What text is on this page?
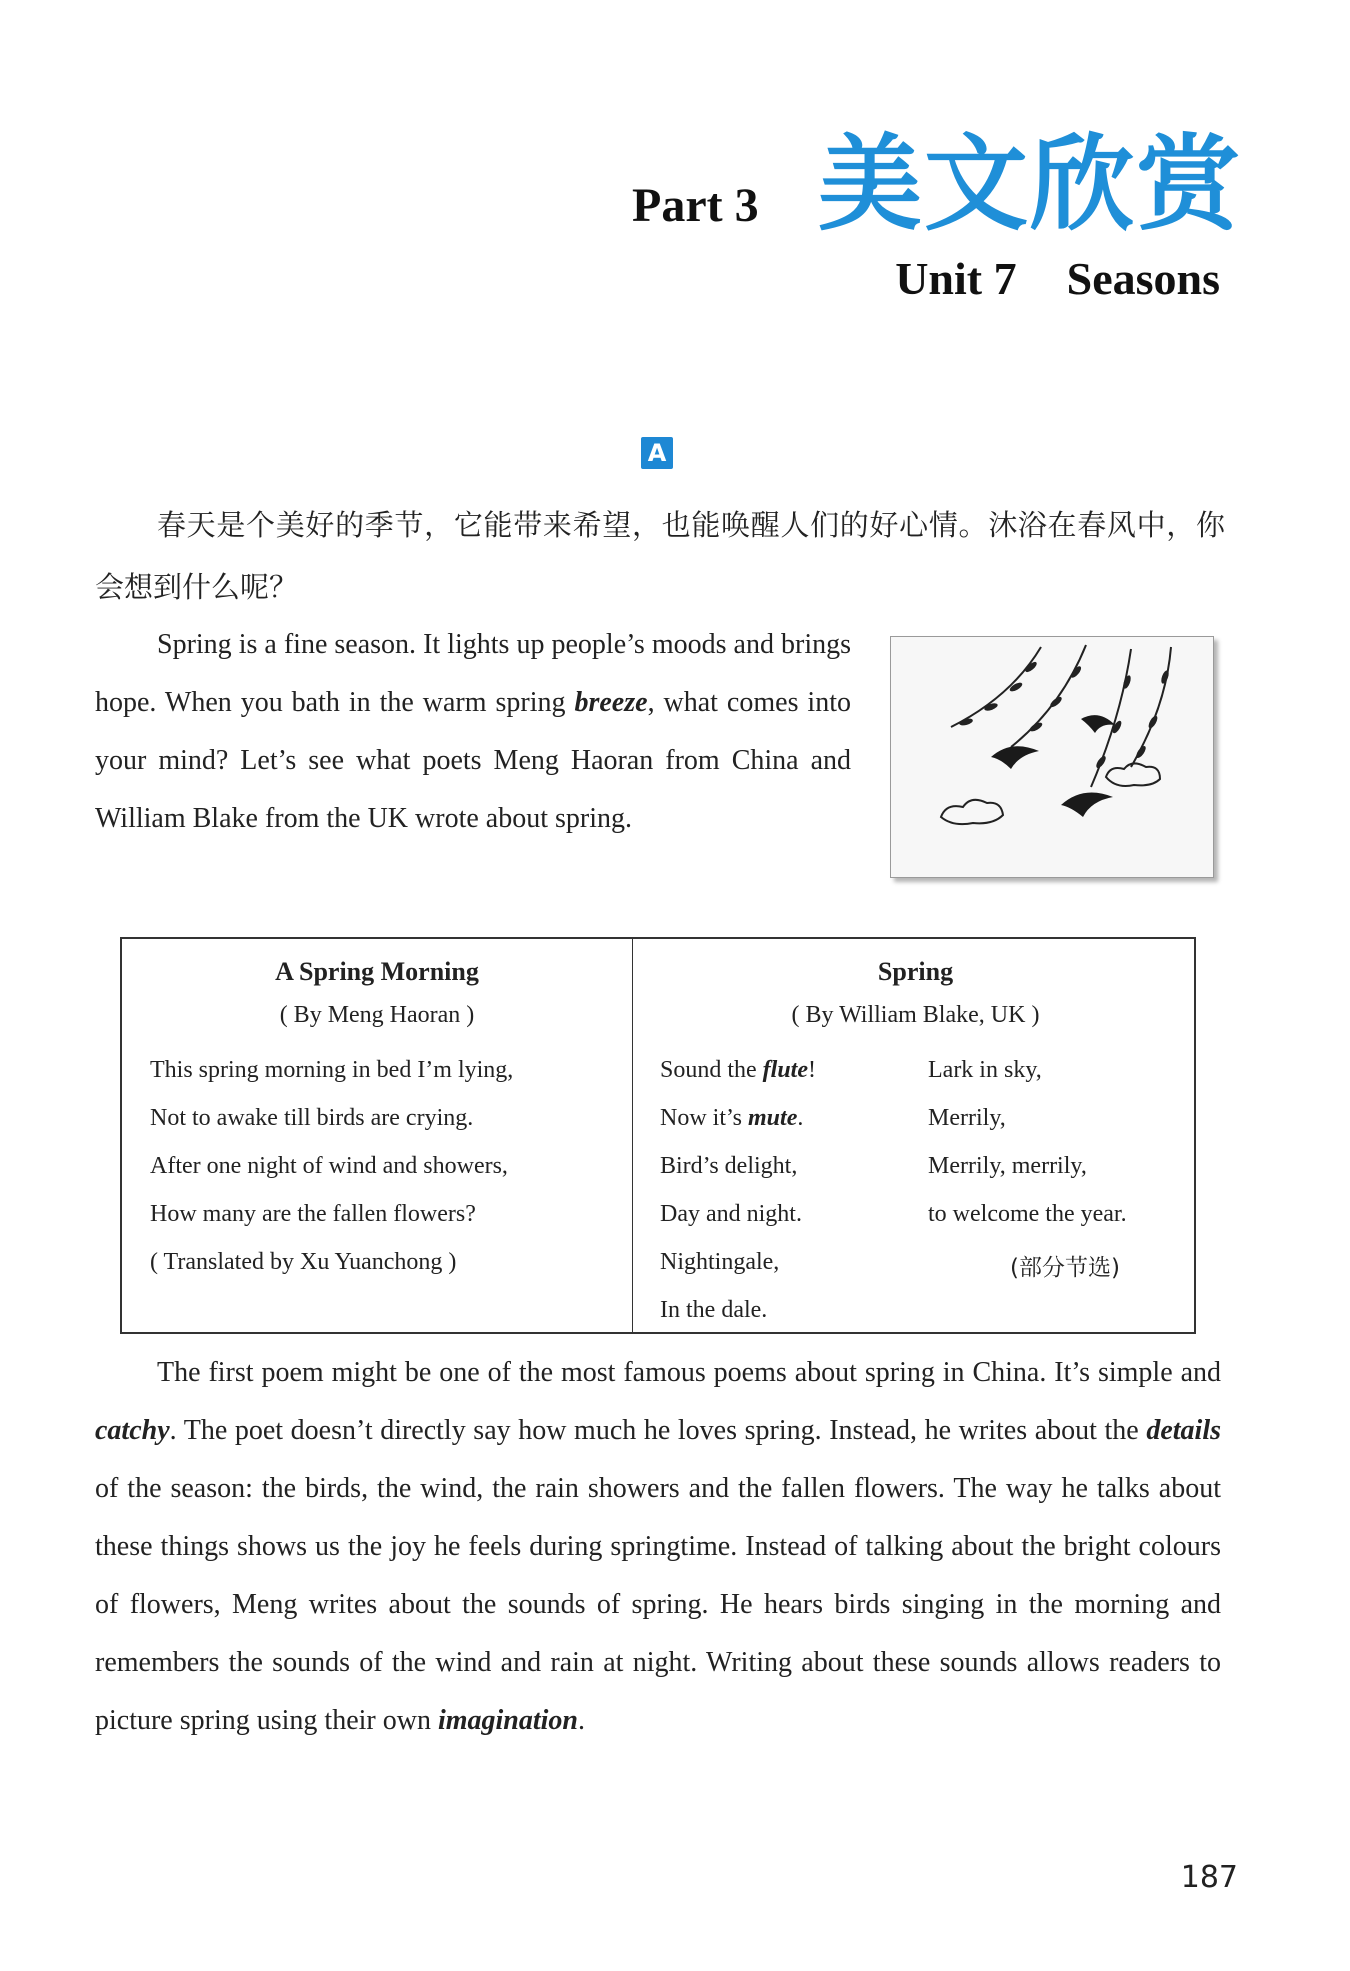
Part 3 美文欣赏
Unit 7 Seasons
A
春天是个美好的季节，它能带来希望，也能唤醒人们的好心情。沐浴在春风中，你会想到什么呢？
Spring is a fine season. It lights up people’s moods and brings hope. When you bath in the warm spring breeze, what comes into your mind? Let’s see what poets Meng Haoran from China and William Blake from the UK wrote about spring.
A Spring Morning
( By Meng Haoran )
This spring morning in bed I’m lying,
Not to awake till birds are crying.
After one night of wind and showers,
How many are the fallen flowers?
( Translated by Xu Yuanchong )
Spring
( By William Blake, UK )
Sound the flute!
Now it’s mute.
Bird’s delight,
Day and night.
Nightingale,
In the dale.
Lark in sky,
Merrily,
Merrily, merrily,
to welcome the year.
(部分节选)
The first poem might be one of the most famous poems about spring in China. It’s simple and catchy. The poet doesn’t directly say how much he loves spring. Instead, he writes about the details of the season: the birds, the wind, the rain showers and the fallen flowers. The way he talks about these things shows us the joy he feels during springtime. Instead of talking about the bright colours of flowers, Meng writes about the sounds of spring. He hears birds singing in the morning and remembers the sounds of the wind and rain at night. Writing about these sounds allows readers to picture spring using their own imagination.
187
